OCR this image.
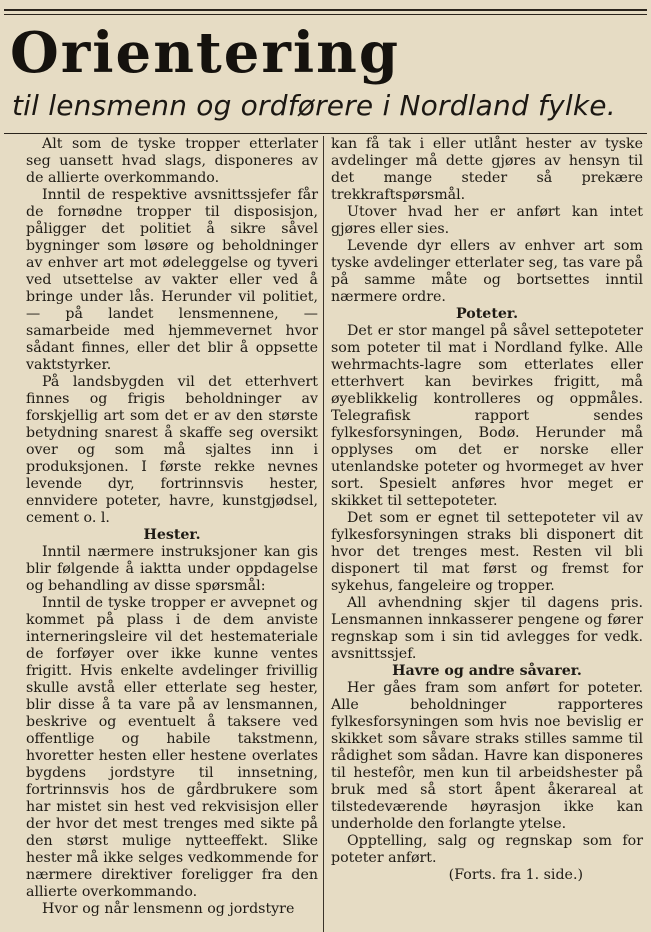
Orientering
til lensmenn og ordførere i Nordland fylke.

Alt som de tyske tropper etterlater seg uansett hvad slags, disponeres av de allierte overkommando.

Inntil de respektive avsnittssjefer får de fornødne tropper til disposisjon, påligger det politiet å sikre såvel bygninger som løsøre og beholdninger av enhver art mot ødeleggelse og tyveri ved utsettelse av vakter eller ved å bringe under lås. Herunder vil politiet, — på landet lensmennene, — samarbeide med hjemmevernet hvor sådant finnes, eller det blir å oppsette vaktstyrker.

På landsbygden vil det etterhvert finnes og frigis beholdninger av forskjellig art som det er av den største betydning snarest å skaffe seg oversikt over og som må sjaltes inn i produksjonen. I første rekke nevnes levende dyr, fortrinnsvis hester, ennvidere poteter, havre, kunstgjødsel, cement o. l.

Hester.

Inntil nærmere instruksjoner kan gis blir følgende å iaktta under oppdagelse og behandling av disse spørsmål:

Inntil de tyske tropper er avvepnet og kommet på plass i de dem anviste interneringsleire vil det hestemateriale de forføyer over ikke kunne ventes frigitt. Hvis enkelte avdelinger frivillig skulle avstå eller etterlate seg hester, blir disse å ta vare på av lensmannen, beskrive og eventuelt å taksere ved offentlige og habile takstmenn, hvoretter hesten eller hestene overlates bygdens jordstyre til innsetning, fortrinnsvis hos de gårdbrukere som har mistet sin hest ved rekvisisjon eller der hvor det mest trenges med sikte på den størst mulige nytteeffekt. Slike hester må ikke selges vedkommende for nærmere direktiver foreligger fra den allierte overkommando.

Hvor og når lensmenn og jordstyre

kan få tak i eller utlånt hester av tyske avdelinger må dette gjøres av hensyn til det mange steder så prekære trekkraftspørsmål.

Utover hvad her er anført kan intet gjøres eller sies.

Levende dyr ellers av enhver art som tyske avdelinger etterlater seg, tas vare på på samme måte og bortsettes inntil nærmere ordre.

Poteter.

Det er stor mangel på såvel settepoteter som poteter til mat i Nordland fylke. Alle wehrmachts-lagre som etterlates eller etterhvert kan bevirkes frigitt, må øyeblikkelig kontrolleres og oppmåles. Telegrafisk rapport sendes fylkesforsyningen, Bodø. Herunder må opplyses om det er norske eller utenlandske poteter og hvormeget av hver sort. Spesielt anføres hvor meget er skikket til settepoteter.

Det som er egnet til settepoteter vil av fylkesforsyningen straks bli disponert dit hvor det trenges mest. Resten vil bli disponert til mat først og fremst for sykehus, fangeleire og tropper.

All avhendning skjer til dagens pris. Lensmannen innkasserer pengene og fører regnskap som i sin tid avlegges for vedk. avsnittssjef.

Havre og andre såvarer.

Her gåes fram som anført for poteter. Alle beholdninger rapporteres fylkesforsyningen som hvis noe bevislig er skikket som såvare straks stilles samme til rådighet som sådan. Havre kan disponeres til hestefôr, men kun til arbeidshester på bruk med så stort åpent åkerareal at tilstedeværende høyrasjon ikke kan underholde den forlangte ytelse.

Opptelling, salg og regnskap som for poteter anført.

(Forts. fra 1. side.)
